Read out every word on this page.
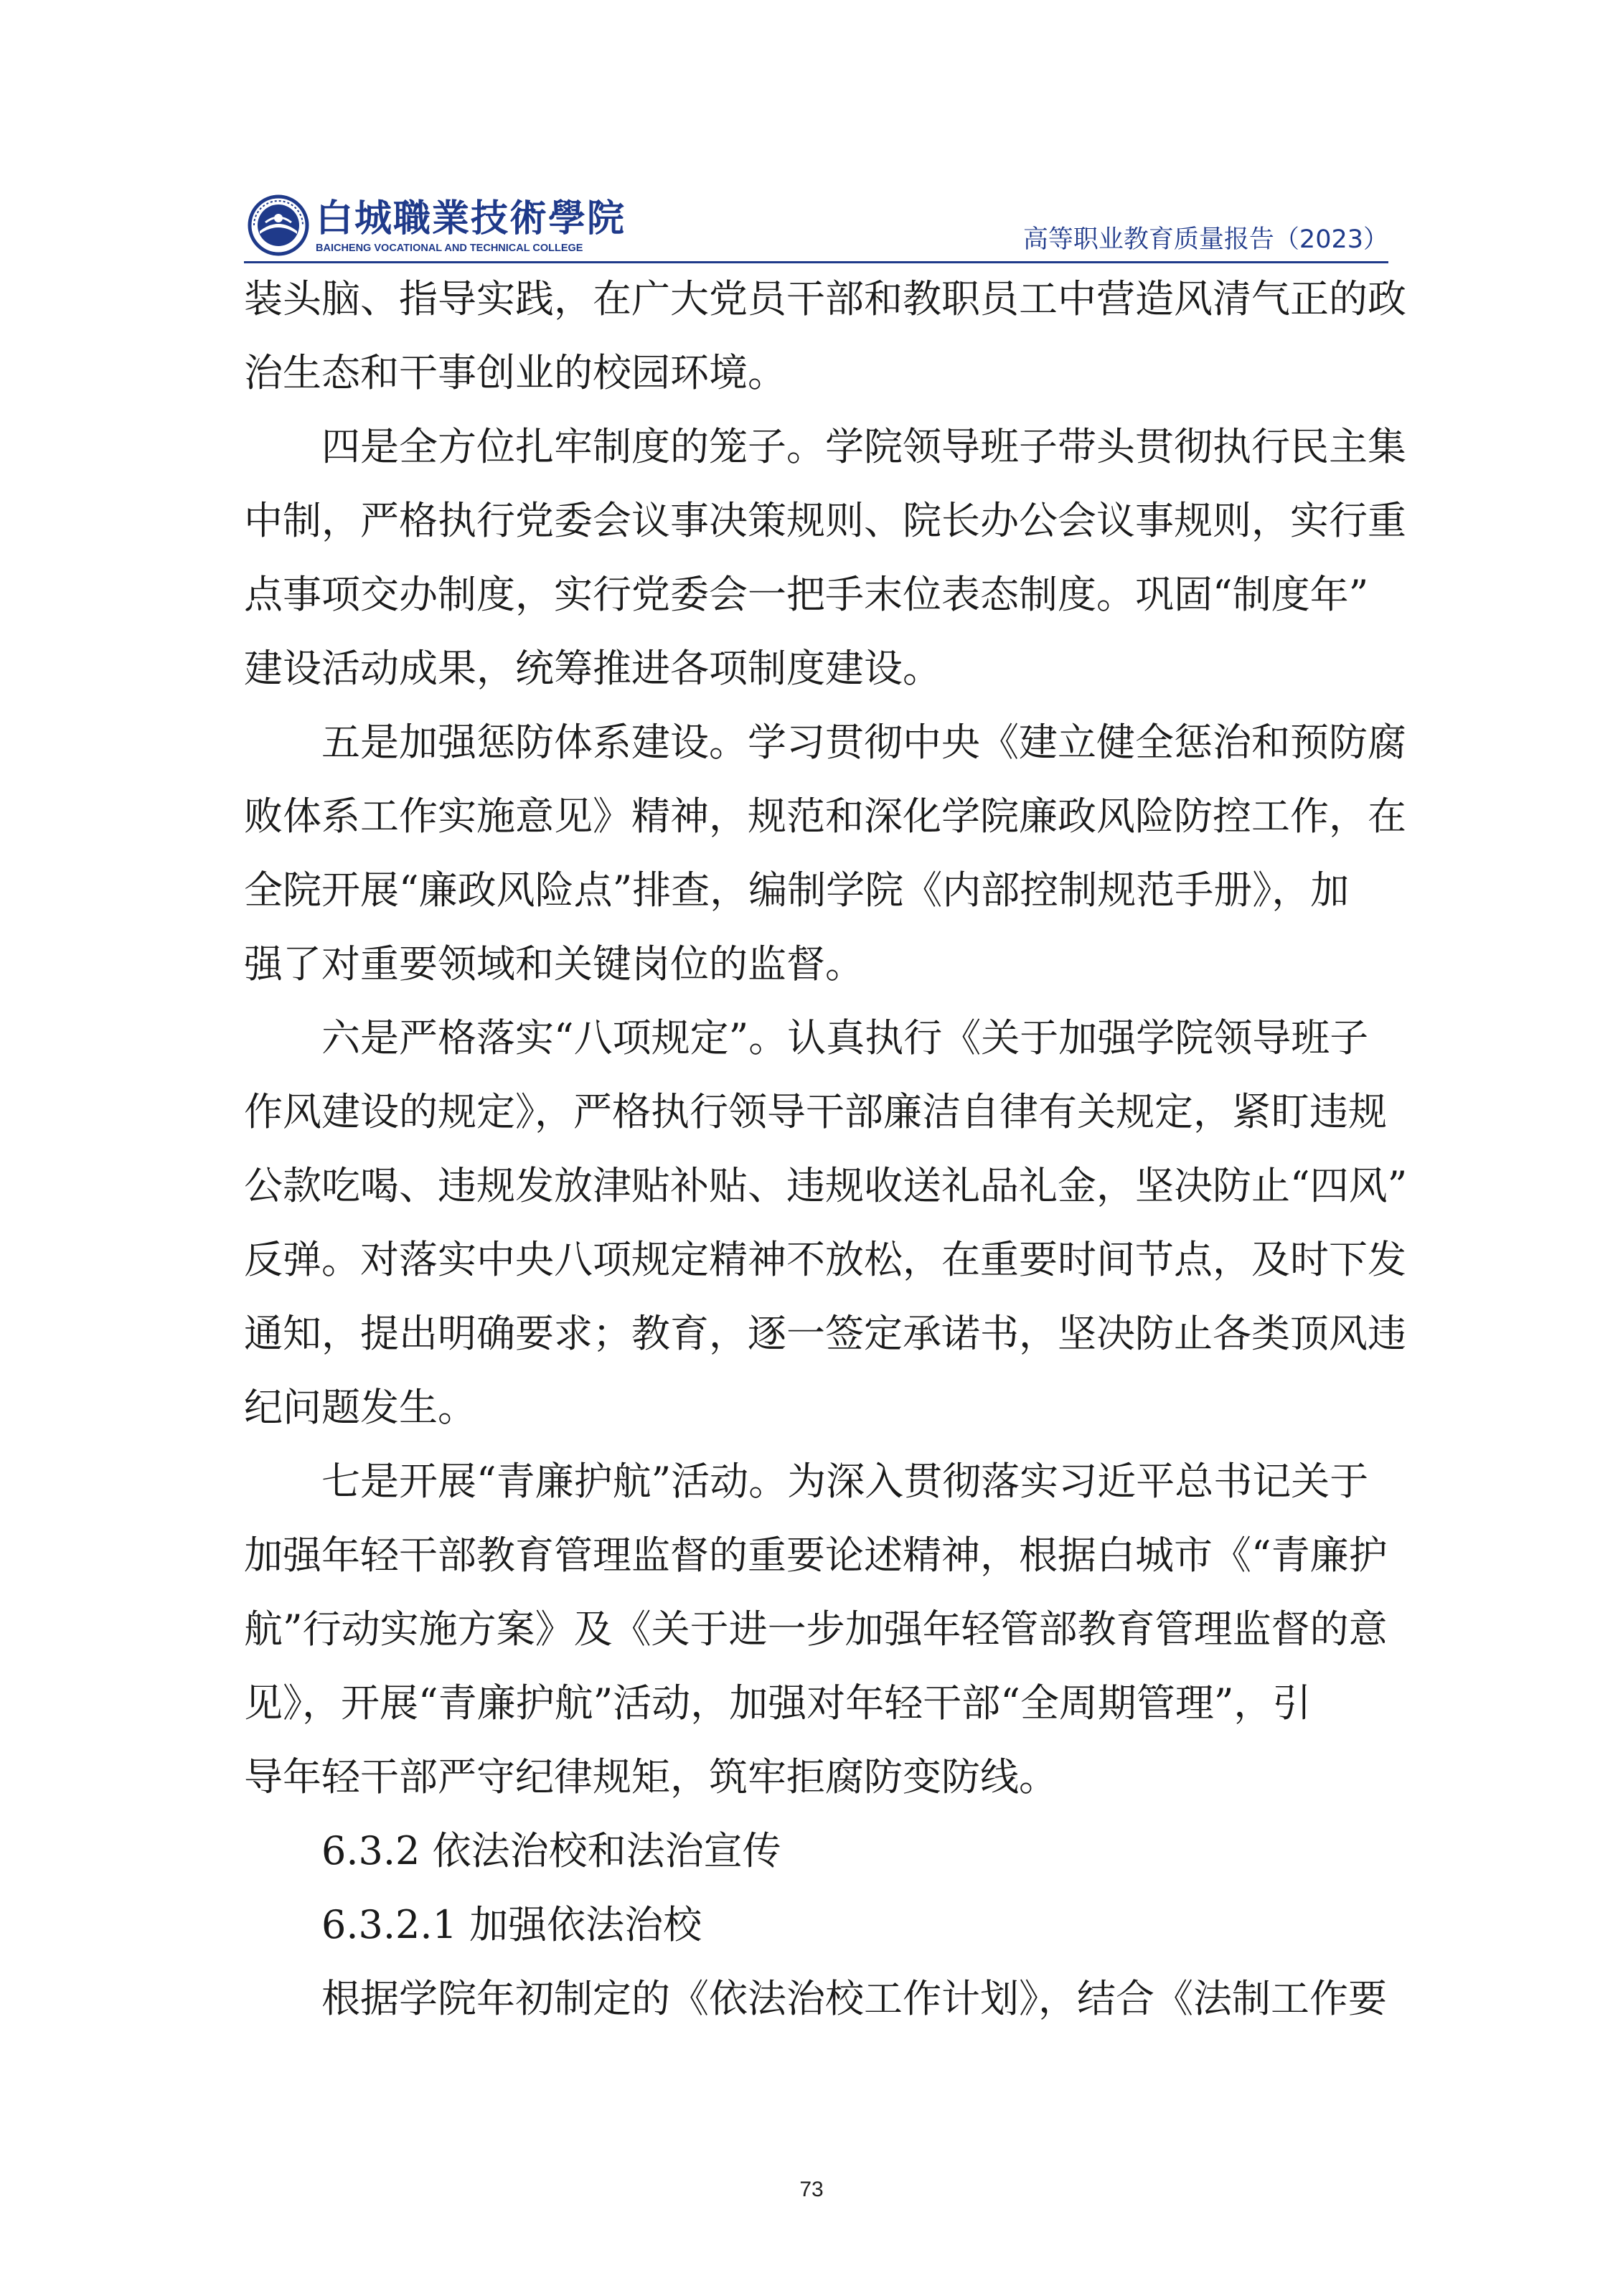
白城職業技術學院
BAICHENG VOCATIONAL AND TECHNICAL COLLEGE	高等职业教育质量报告（2023）

装头脑、指导实践，在广大党员干部和教职员工中营造风清气正的政

治生态和干事创业的校园环境。

四是全方位扎牢制度的笼子。学院领导班子带头贯彻执行民主集

中制，严格执行党委会议事决策规则、院长办公会议事规则，实行重

点事项交办制度，实行党委会一把手末位表态制度。巩固“制度年”

建设活动成果，统筹推进各项制度建设。

五是加强惩防体系建设。学习贯彻中央《建立健全惩治和预防腐

败体系工作实施意见》精神，规范和深化学院廉政风险防控工作，在

全院开展“廉政风险点”排查，编制学院《内部控制规范手册》，加

强了对重要领域和关键岗位的监督。

六是严格落实“八项规定”。认真执行《关于加强学院领导班子

作风建设的规定》，严格执行领导干部廉洁自律有关规定，紧盯违规

公款吃喝、违规发放津贴补贴、违规收送礼品礼金，坚决防止“四风”

反弹。对落实中央八项规定精神不放松，在重要时间节点，及时下发

通知，提出明确要求；教育，逐一签定承诺书，坚决防止各类顶风违

纪问题发生。

七是开展“青廉护航”活动。为深入贯彻落实习近平总书记关于

加强年轻干部教育管理监督的重要论述精神，根据白城市《“青廉护

航”行动实施方案》及《关于进一步加强年轻管部教育管理监督的意

见》，开展“青廉护航”活动，加强对年轻干部“全周期管理”，引

导年轻干部严守纪律规矩，筑牢拒腐防变防线。

6.3.2 依法治校和法治宣传

6.3.2.1 加强依法治校

根据学院年初制定的《依法治校工作计划》，结合《法制工作要

73
